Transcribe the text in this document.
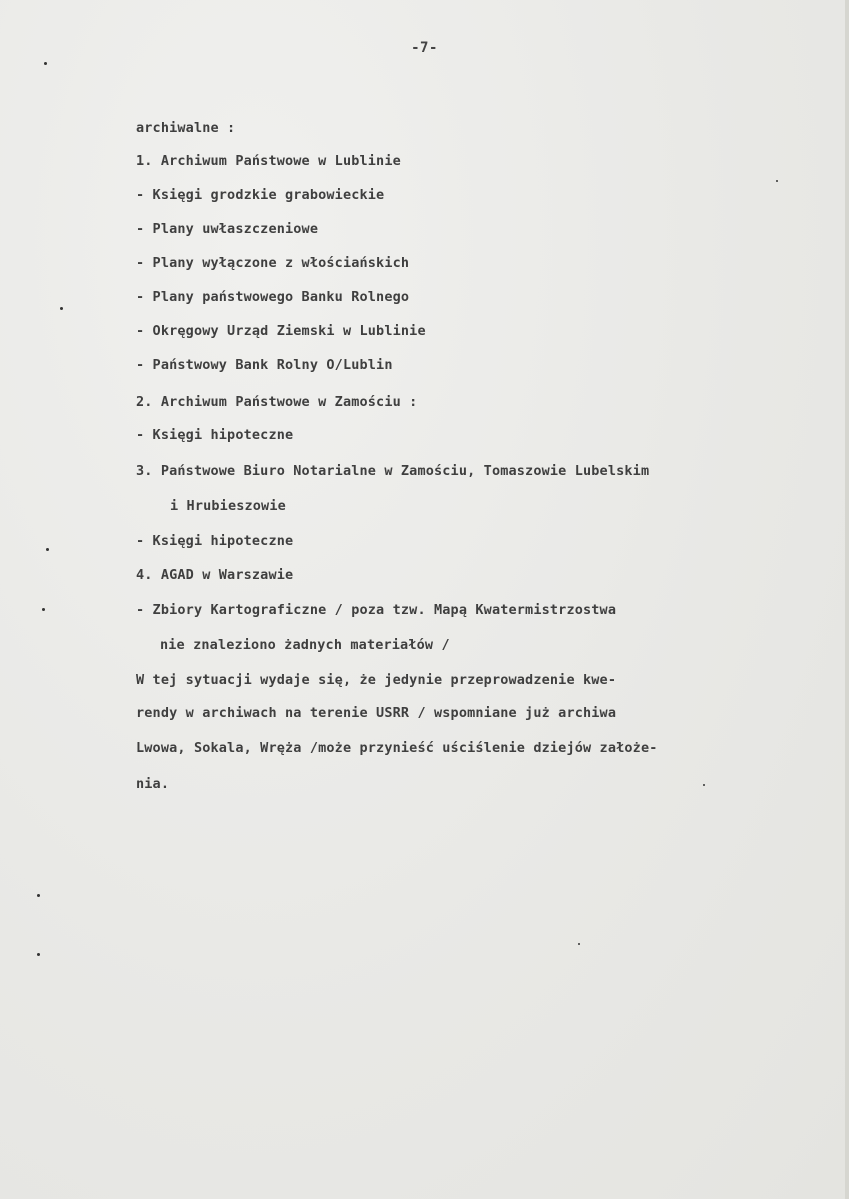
-7-
archiwalne :
1. Archiwum Państwowe w Lublinie
- Księgi grodzkie grabowieckie
- Plany uwłaszczeniowe
- Plany wyłączone z włościańskich
- Plany państwowego Banku Rolnego
- Okręgowy Urząd Ziemski w Lublinie
- Państwowy Bank Rolny O/Lublin
2. Archiwum Państwowe w Zamościu :
- Księgi hipoteczne
3. Państwowe Biuro Notarialne w Zamościu, Tomaszowie Lubelskim
i Hrubieszowie
- Księgi hipoteczne
4. AGAD w Warszawie
- Zbiory Kartograficzne / poza tzw. Mapą Kwatermistrzostwa
nie znaleziono żadnych materiałów /
W tej sytuacji wydaje się, że jedynie przeprowadzenie kwe-
rendy w archiwach na terenie USRR / wspomniane już archiwa
Lwowa, Sokala, Wręża /może przynieść uściślenie dziejów założe-
nia.
